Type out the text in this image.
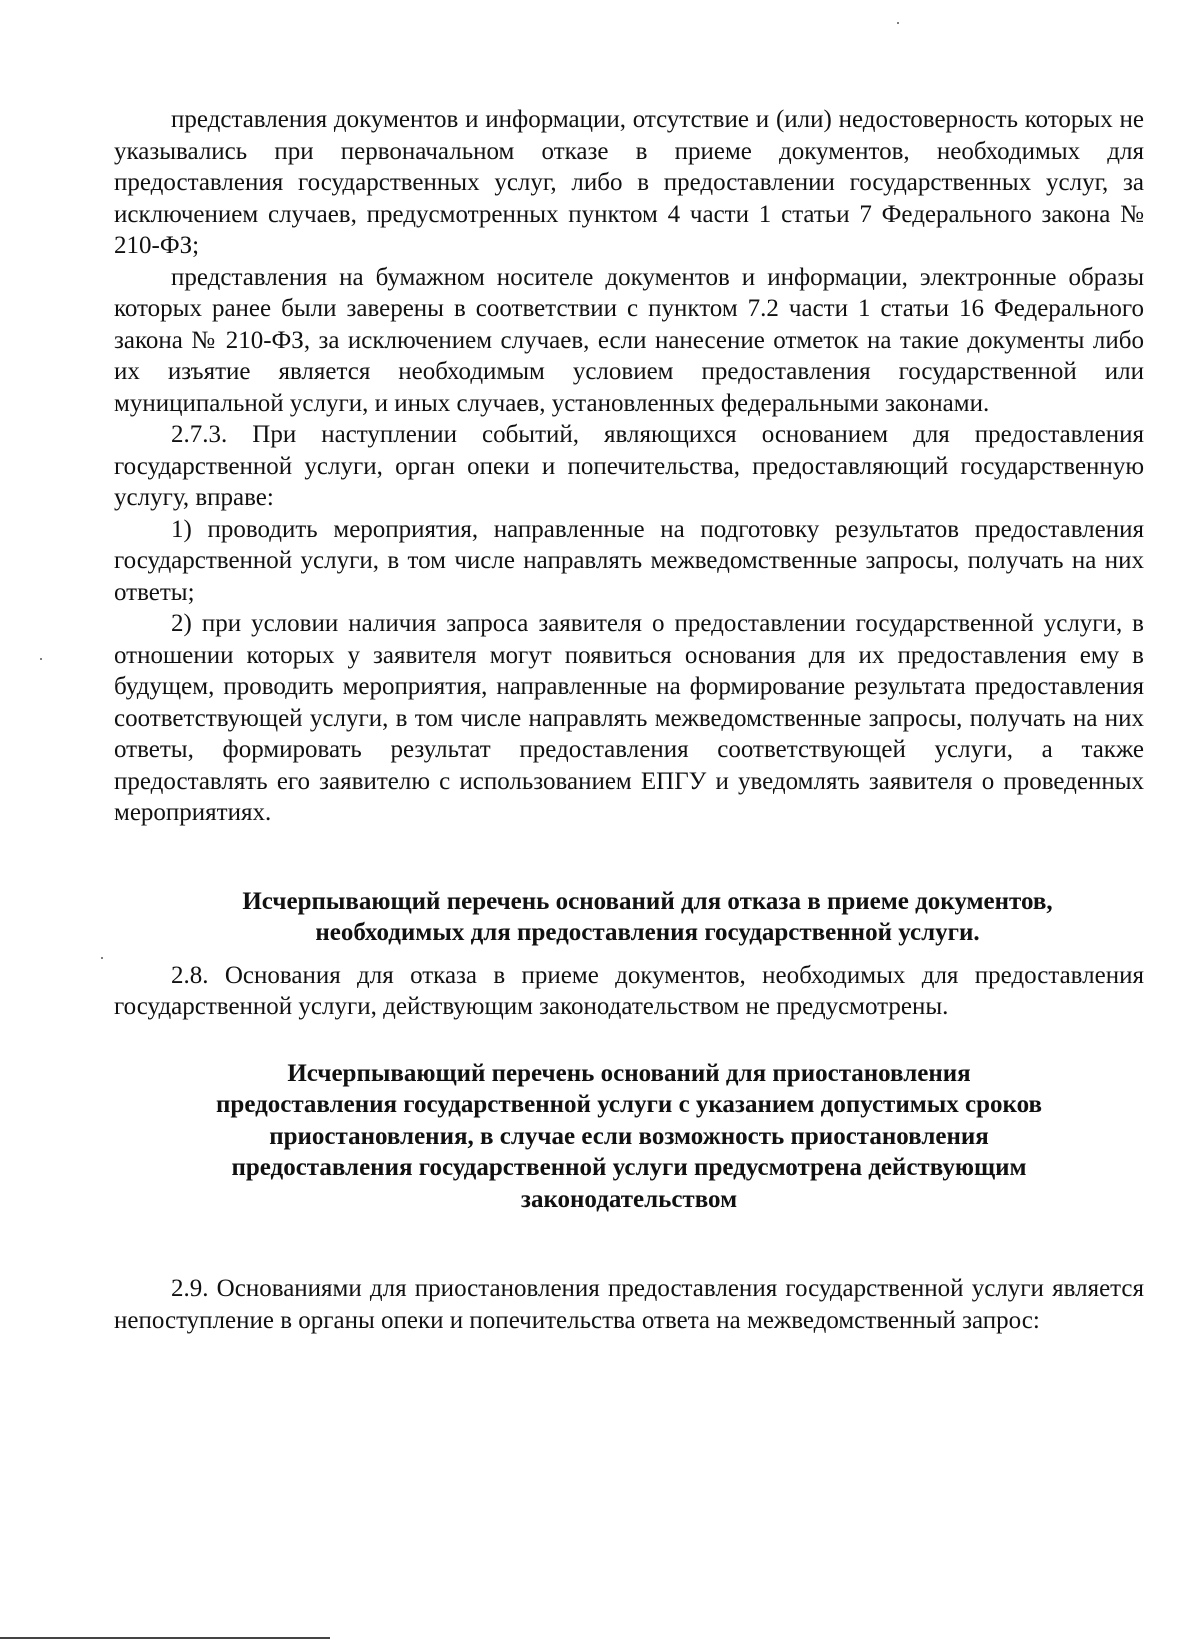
представления документов и информации, отсутствие и (или) недостоверность которых не указывались при первоначальном отказе в приеме документов, необходимых для предоставления государственных услуг, либо в предоставлении государственных услуг, за исключением случаев, предусмотренных пунктом 4 части 1 статьи 7 Федерального закона № 210-ФЗ;

представления на бумажном носителе документов и информации, электронные образы которых ранее были заверены в соответствии с пунктом 7.2 части 1 статьи 16 Федерального закона № 210-ФЗ, за исключением случаев, если нанесение отметок на такие документы либо их изъятие является необходимым условием предоставления государственной или муниципальной услуги, и иных случаев, установленных федеральными законами.

2.7.3. При наступлении событий, являющихся основанием для предоставления государственной услуги, орган опеки и попечительства, предоставляющий государственную услугу, вправе:

1) проводить мероприятия, направленные на подготовку результатов предоставления государственной услуги, в том числе направлять межведомственные запросы, получать на них ответы;

2) при условии наличия запроса заявителя о предоставлении государственной услуги, в отношении которых у заявителя могут появиться основания для их предоставления ему в будущем, проводить мероприятия, направленные на формирование результата предоставления соответствующей услуги, в том числе направлять межведомственные запросы, получать на них ответы, формировать результат предоставления соответствующей услуги, а также предоставлять его заявителю с использованием ЕПГУ и уведомлять заявителя о проведенных мероприятиях.

Исчерпывающий перечень оснований для отказа в приеме документов, необходимых для предоставления государственной услуги.

2.8. Основания для отказа в приеме документов, необходимых для предоставления государственной услуги, действующим законодательством не предусмотрены.

Исчерпывающий перечень оснований для приостановления предоставления государственной услуги с указанием допустимых сроков приостановления, в случае если возможность приостановления предоставления государственной услуги предусмотрена действующим законодательством

2.9. Основаниями для приостановления предоставления государственной услуги является непоступление в органы опеки и попечительства ответа на межведомственный запрос:
